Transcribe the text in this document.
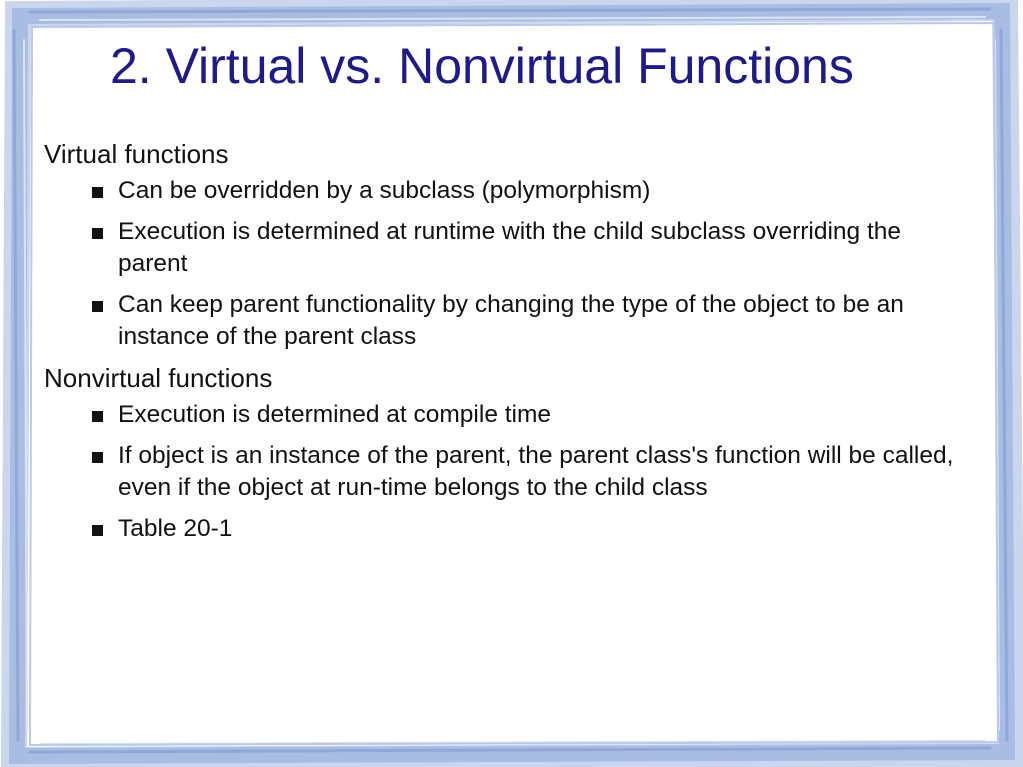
2. Virtual vs. Nonvirtual Functions

Virtual functions

Can be overridden by a subclass (polymorphism)
Execution is determined at runtime with the child subclass overriding the parent
Can keep parent functionality by changing the type of the object to be an instance of the parent class

Nonvirtual functions

Execution is determined at compile time
If object is an instance of the parent, the parent class's function will be called, even if the object at run-time belongs to the child class
Table 20-1
